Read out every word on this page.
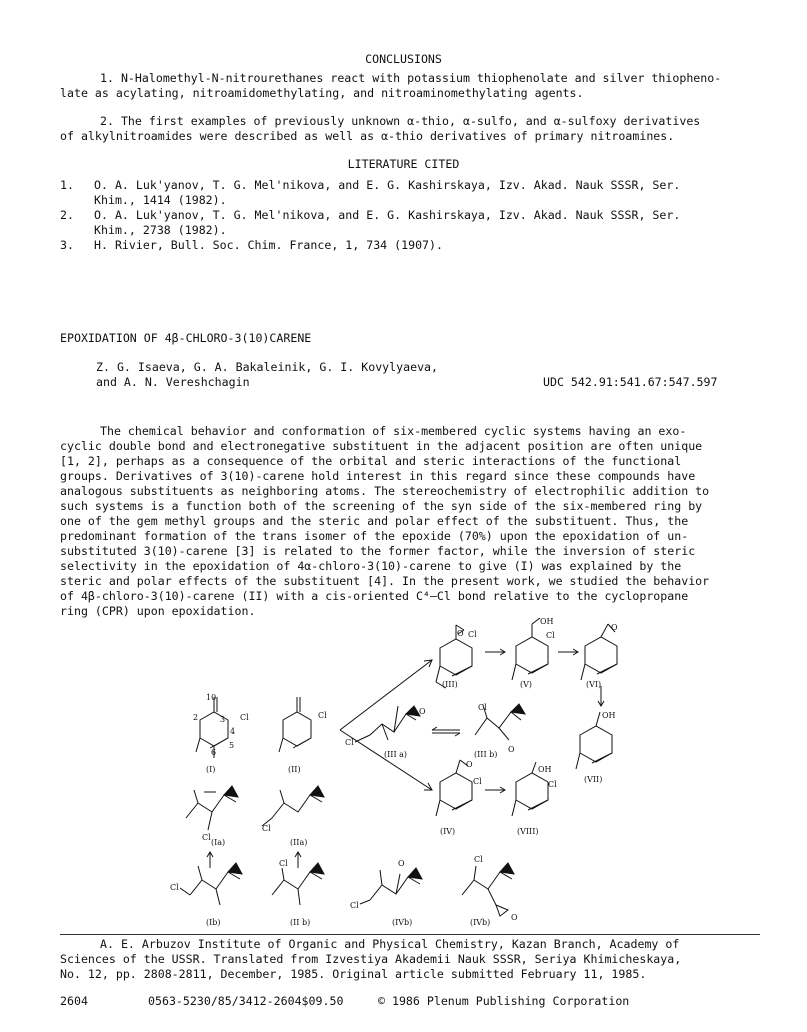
CONCLUSIONS
1. N-Halomethyl-N-nitrourethanes react with potassium thiophenolate and silver thiopheno-
late as acylating, nitroamidomethylating, and nitroaminomethylating agents.
2. The first examples of previously unknown α-thio, α-sulfo, and α-sulfoxy derivatives
of alkylnitroamides were described as well as α-thio derivatives of primary nitroamines.
LITERATURE CITED
1. O. A. Luk'yanov, T. G. Mel'nikova, and E. G. Kashirskaya, Izv. Akad. Nauk SSSR, Ser.
Khim., 1414 (1982).
2. O. A. Luk'yanov, T. G. Mel'nikova, and E. G. Kashirskaya, Izv. Akad. Nauk SSSR, Ser.
Khim., 2738 (1982).
3. H. Rivier, Bull. Soc. Chim. France, 1, 734 (1907).
EPOXIDATION OF 4β-CHLORO-3(10)CARENE
Z. G. Isaeva, G. A. Bakaleinik, G. I. Kovylyaeva,
and A. N. Vereshchagin	UDC 542.91:541.67:547.597
The chemical behavior and conformation of six-membered cyclic systems having an exo-
cyclic double bond and electronegative substituent in the adjacent position are often unique
[1, 2], perhaps as a consequence of the orbital and steric interactions of the functional
groups. Derivatives of 3(10)-carene hold interest in this regard since these compounds have
analogous substituents as neighboring atoms. The stereochemistry of electrophilic addition to
such systems is a function both of the screening of the syn side of the six-membered ring by
one of the gem methyl groups and the steric and polar effect of the substituent. Thus, the
predominant formation of the trans isomer of the epoxide (70%) upon the epoxidation of un-
substituted 3(10)-carene [3] is related to the former factor, while the inversion of steric
selectivity in the epoxidation of 4α-chloro-3(10)-carene to give (I) was explained by the
steric and polar effects of the substituent [4]. In the present work, we studied the behavior
of 4β-chloro-3(10)-carene (II) with a cis-oriented C⁴—Cl bond relative to the cyclopropane
ring (CPR) upon epoxidation.
O Cl
(III)
OH
Cl
(V)
O
(VI)
10
2	3
4
5
6
Cl
(I)
Cl
(II)
O
Cl
(III a)
Cl
(III b)
O
OH
(VII)
O
Cl
(IV)
OH
Cl
(VIII)
Cl
(Ia)
Cl
(IIa)
Cl
(Ib)
Cl
(II b)
O
Cl
(IVb)
Cl
(IVb)
O
A. E. Arbuzov Institute of Organic and Physical Chemistry, Kazan Branch, Academy of
Sciences of the USSR. Translated from Izvestiya Akademii Nauk SSSR, Seriya Khimicheskaya,
No. 12, pp. 2808-2811, December, 1985. Original article submitted February 11, 1985.
2604	0563-5230/85/3412-2604$09.50	© 1986 Plenum Publishing Corporation
